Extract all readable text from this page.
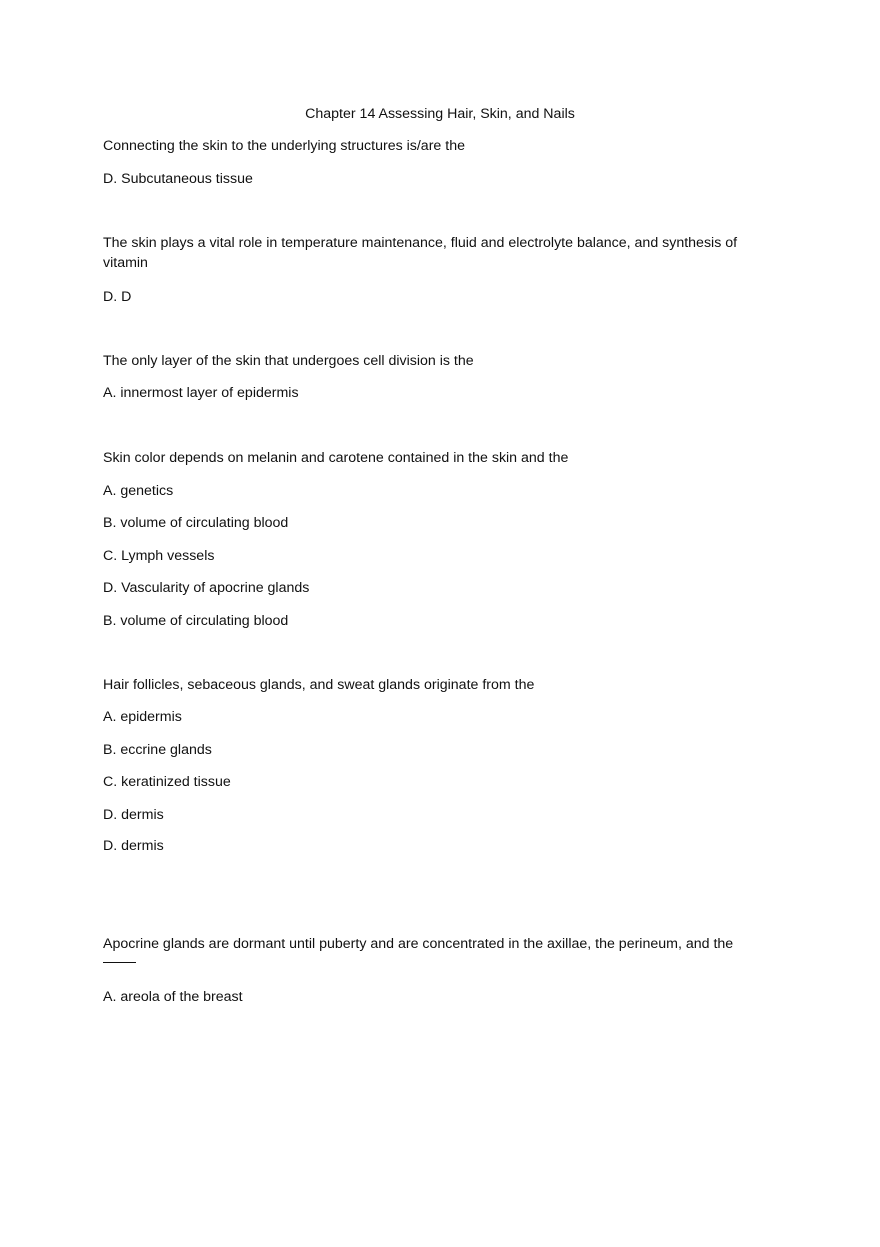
Chapter 14 Assessing Hair, Skin, and Nails
Connecting the skin to the underlying structures is/are the
D. Subcutaneous tissue
The skin plays a vital role in temperature maintenance, fluid and electrolyte balance, and synthesis of vitamin
D. D
The only layer of the skin that undergoes cell division is the
A. innermost layer of epidermis
Skin color depends on melanin and carotene contained in the skin and the
A. genetics
B. volume of circulating blood
C. Lymph vessels
D. Vascularity of apocrine glands
B. volume of circulating blood
Hair follicles, sebaceous glands, and sweat glands originate from the
A. epidermis
B. eccrine glands
C. keratinized tissue
D. dermis
D. dermis
Apocrine glands are dormant until puberty and are concentrated in the axillae, the perineum, and the
A. areola of the breast
